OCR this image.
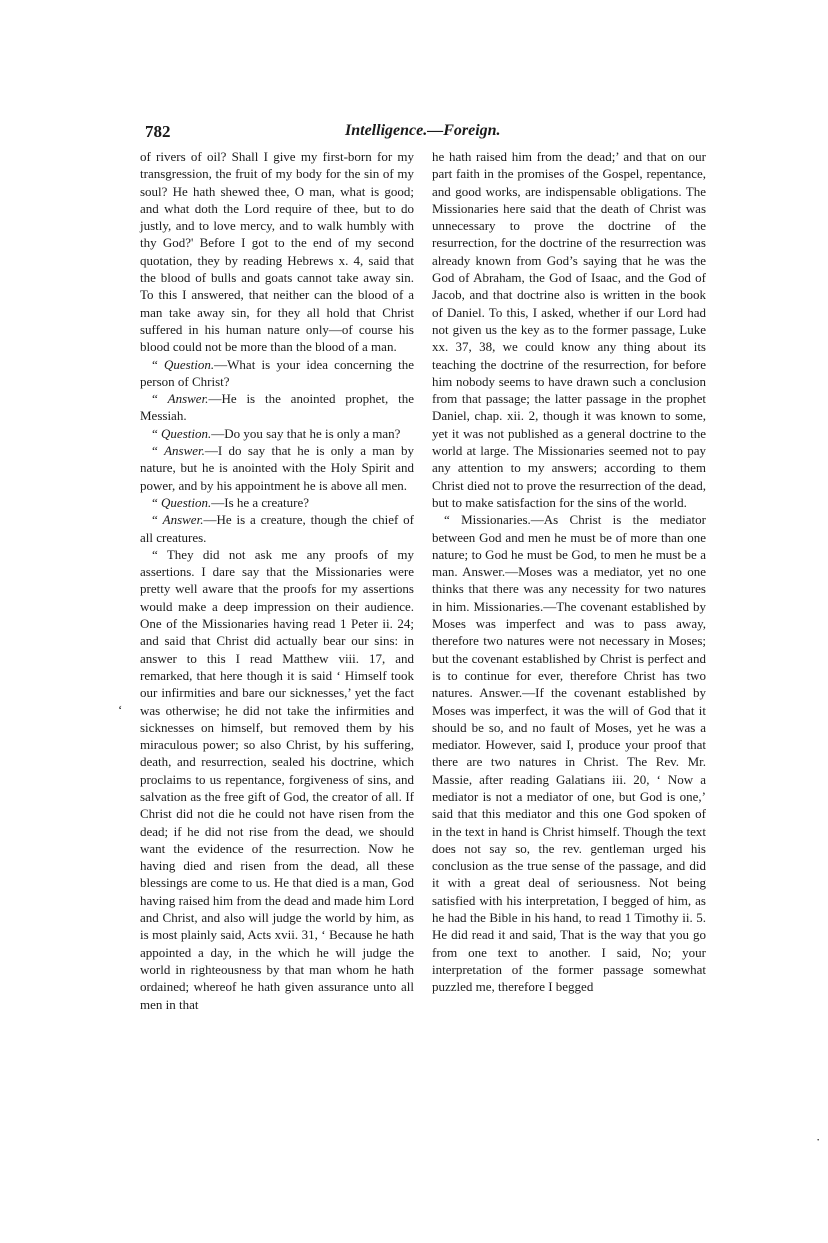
782	Intelligence.—Foreign.

of rivers of oil? Shall I give my first-born for my transgression, the fruit of my body for the sin of my soul? He hath shewed thee, O man, what is good; and what doth the Lord require of thee, but to do justly, and to love mercy, and to walk humbly with thy God?' Before I got to the end of my second quotation, they by reading Hebrews x. 4, said that the blood of bulls and goats cannot take away sin. To this I answered, that neither can the blood of a man take away sin, for they all hold that Christ suffered in his human nature only—of course his blood could not be more than the blood of a man.

“ Question.—What is your idea concerning the person of Christ?

“ Answer.—He is the anointed prophet, the Messiah.

“ Question.—Do you say that he is only a man?

“ Answer.—I do say that he is only a man by nature, but he is anointed with the Holy Spirit and power, and by his appointment he is above all men.

“ Question.—Is he a creature?

“ Answer.—He is a creature, though the chief of all creatures.

“ They did not ask me any proofs of my assertions. I dare say that the Missionaries were pretty well aware that the proofs for my assertions would make a deep impression on their audience. One of the Missionaries having read 1 Peter ii. 24; and said that Christ did actually bear our sins: in answer to this I read Matthew viii. 17, and remarked, that here though it is said ‘ Himself took our infirmities and bare our sicknesses,’ yet the fact was otherwise; he did not take the infirmities and sicknesses on himself, but removed them by his miraculous power; so also Christ, by his suffering, death, and resurrection, sealed his doctrine, which proclaims to us repentance, forgiveness of sins, and salvation as the free gift of God, the creator of all. If Christ did not die he could not have risen from the dead; if he did not rise from the dead, we should want the evidence of the resurrection. Now he having died and risen from the dead, all these blessings are come to us. He that died is a man, God having raised him from the dead and made him Lord and Christ, and also will judge the world by him, as is most plainly said, Acts xvii. 31, ‘ Because he hath appointed a day, in the which he will judge the world in righteousness by that man whom he hath ordained; whereof he hath given assurance unto all men in that

he hath raised him from the dead;’ and that on our part faith in the promises of the Gospel, repentance, and good works, are indispensable obligations. The Missionaries here said that the death of Christ was unnecessary to prove the doctrine of the resurrection, for the doctrine of the resurrection was already known from God’s saying that he was the God of Abraham, the God of Isaac, and the God of Jacob, and that doctrine also is written in the book of Daniel. To this, I asked, whether if our Lord had not given us the key as to the former passage, Luke xx. 37, 38, we could know any thing about its teaching the doctrine of the resurrection, for before him nobody seems to have drawn such a conclusion from that passage; the latter passage in the prophet Daniel, chap. xii. 2, though it was known to some, yet it was not published as a general doctrine to the world at large. The Missionaries seemed not to pay any attention to my answers; according to them Christ died not to prove the resurrection of the dead, but to make satisfaction for the sins of the world.

“ Missionaries.—As Christ is the mediator between God and men he must be of more than one nature; to God he must be God, to men he must be a man. Answer.—Moses was a mediator, yet no one thinks that there was any necessity for two natures in him. Missionaries.—The covenant established by Moses was imperfect and was to pass away, therefore two natures were not necessary in Moses; but the covenant established by Christ is perfect and is to continue for ever, therefore Christ has two natures. Answer.—If the covenant established by Moses was imperfect, it was the will of God that it should be so, and no fault of Moses, yet he was a mediator. However, said I, produce your proof that there are two natures in Christ. The Rev. Mr. Massie, after reading Galatians iii. 20, ‘ Now a mediator is not a mediator of one, but God is one,’ said that this mediator and this one God spoken of in the text in hand is Christ himself. Though the text does not say so, the rev. gentleman urged his conclusion as the true sense of the passage, and did it with a great deal of seriousness. Not being satisfied with his interpretation, I begged of him, as he had the Bible in his hand, to read 1 Timothy ii. 5. He did read it and said, That is the way that you go from one text to another. I said, No; your interpretation of the former passage somewhat puzzled me, therefore I begged

‘
·
